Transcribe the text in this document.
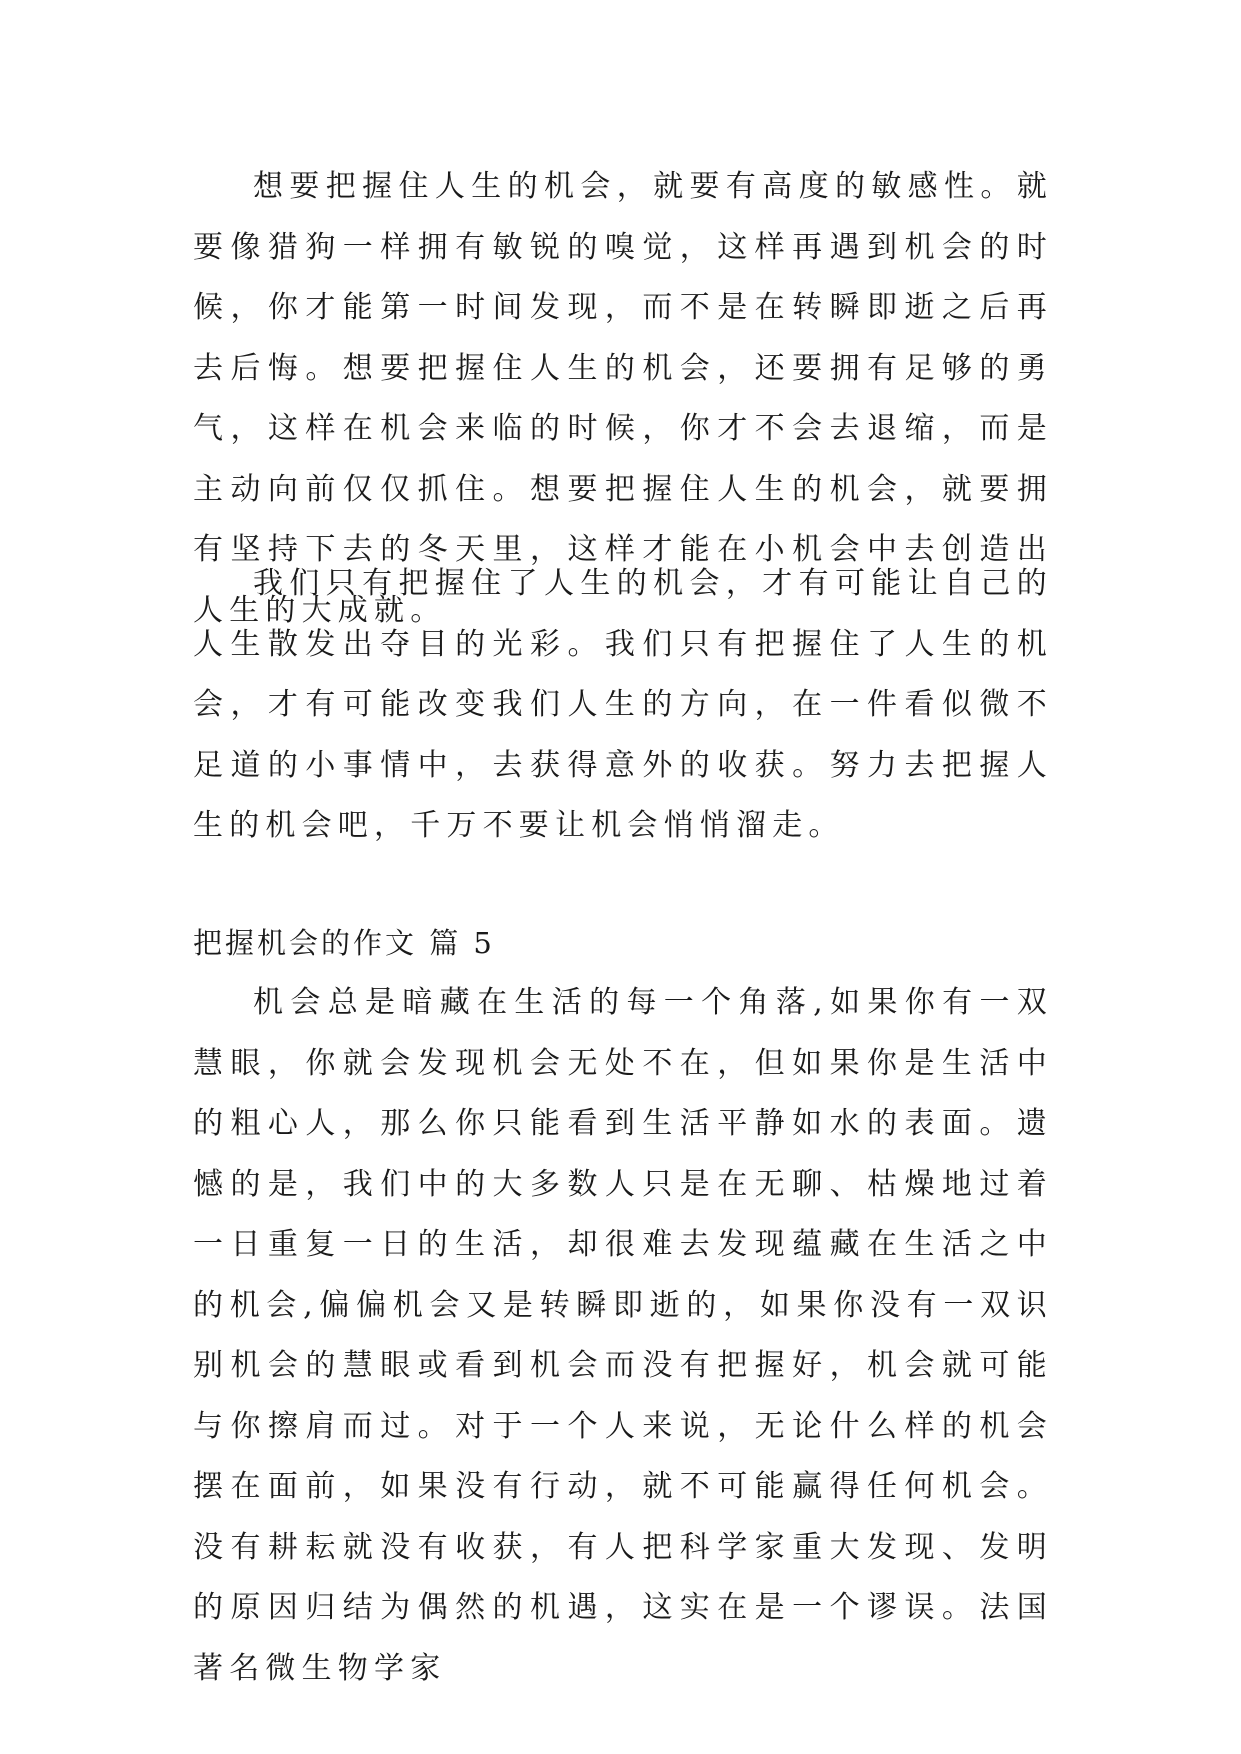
想要把握住人生的机会，就要有高度的敏感性。就要像猎狗一样拥有敏锐的嗅觉，这样再遇到机会的时候，你才能第一时间发现，而不是在转瞬即逝之后再去后悔。想要把握住人生的机会，还要拥有足够的勇气，这样在机会来临的时候，你才不会去退缩，而是主动向前仅仅抓住。想要把握住人生的机会，就要拥有坚持下去的冬天里，这样才能在小机会中去创造出人生的大成就。

我们只有把握住了人生的机会，才有可能让自己的人生散发出夺目的光彩。我们只有把握住了人生的机会，才有可能改变我们人生的方向，在一件看似微不足道的小事情中，去获得意外的收获。努力去把握人生的机会吧，千万不要让机会悄悄溜走。

把握机会的作文 篇 5

机会总是暗藏在生活的每一个角落,如果你有一双慧眼，你就会发现机会无处不在，但如果你是生活中的粗心人，那么你只能看到生活平静如水的表面。遗憾的是，我们中的大多数人只是在无聊、枯燥地过着一日重复一日的生活，却很难去发现蕴藏在生活之中的机会,偏偏机会又是转瞬即逝的，如果你没有一双识别机会的慧眼或看到机会而没有把握好，机会就可能与你擦肩而过。对于一个人来说，无论什么样的机会摆在面前，如果没有行动，就不可能赢得任何机会。没有耕耘就没有收获，有人把科学家重大发现、发明的原因归结为偶然的机遇，这实在是一个谬误。法国著名微生物学家
